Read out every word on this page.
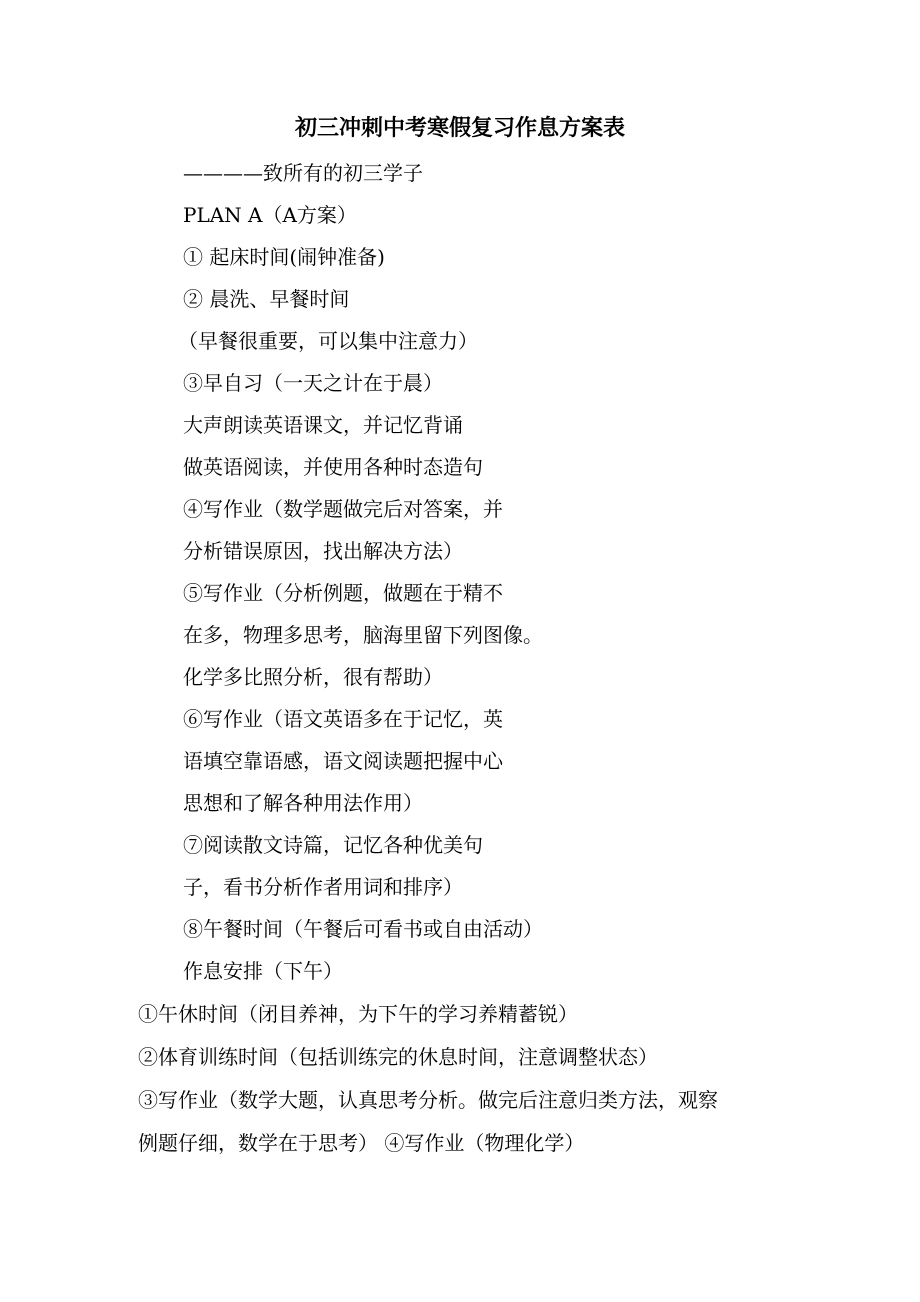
初三冲刺中考寒假复习作息方案表
————致所有的初三学子
PLAN A（A方案）
① 起床时间(闹钟准备)
② 晨洗、早餐时间
（早餐很重要，可以集中注意力）
③早自习（一天之计在于晨）
大声朗读英语课文，并记忆背诵
做英语阅读，并使用各种时态造句
④写作业（数学题做完后对答案，并
分析错误原因，找出解决方法）
⑤写作业（分析例题，做题在于精不
在多，物理多思考，脑海里留下列图像。
化学多比照分析，很有帮助）
⑥写作业（语文英语多在于记忆，英
语填空靠语感，语文阅读题把握中心
思想和了解各种用法作用）
⑦阅读散文诗篇，记忆各种优美句
子，看书分析作者用词和排序）
⑧午餐时间（午餐后可看书或自由活动）
作息安排（下午）
①午休时间（闭目养神，为下午的学习养精蓄锐）
②体育训练时间（包括训练完的休息时间，注意调整状态）
③写作业（数学大题，认真思考分析。做完后注意归类方法，观察
例题仔细，数学在于思考） ④写作业（物理化学）
